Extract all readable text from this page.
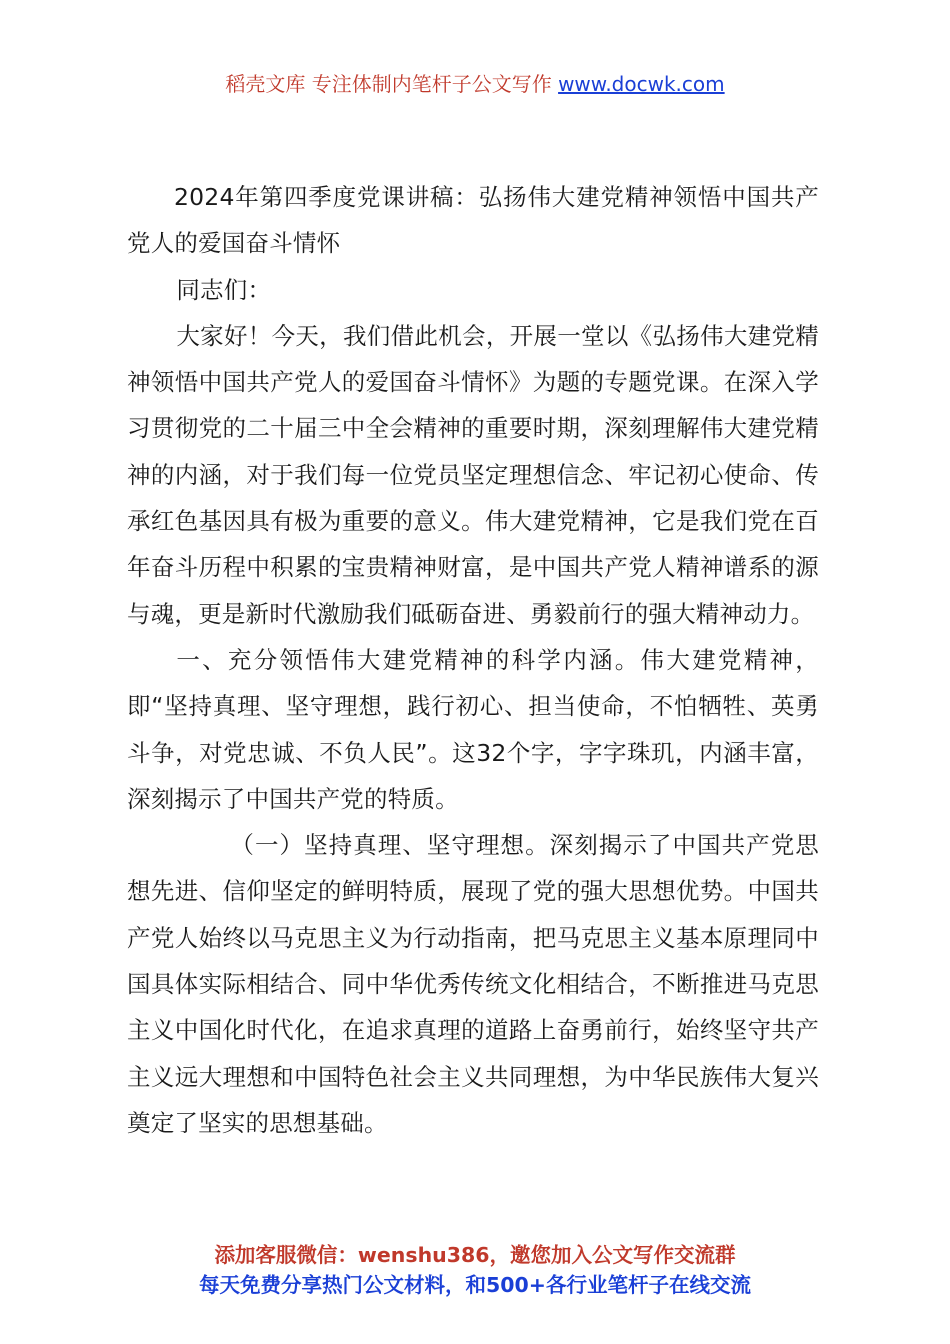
稻壳文库 专注体制内笔杆子公文写作 www.docwk.com

2024年第四季度党课讲稿：弘扬伟大建党精神领悟中国共产党人的爱国奋斗情怀

同志们：

大家好！今天，我们借此机会，开展一堂以《弘扬伟大建党精神领悟中国共产党人的爱国奋斗情怀》为题的专题党课。在深入学习贯彻党的二十届三中全会精神的重要时期，深刻理解伟大建党精神的内涵，对于我们每一位党员坚定理想信念、牢记初心使命、传承红色基因具有极为重要的意义。伟大建党精神，它是我们党在百年奋斗历程中积累的宝贵精神财富，是中国共产党人精神谱系的源与魂，更是新时代激励我们砥砺奋进、勇毅前行的强大精神动力。

一、充分领悟伟大建党精神的科学内涵。伟大建党精神，即“坚持真理、坚守理想，践行初心、担当使命，不怕牺牲、英勇斗争，对党忠诚、不负人民”。这32个字，字字珠玑，内涵丰富，深刻揭示了中国共产党的特质。

（一）坚持真理、坚守理想。深刻揭示了中国共产党思想先进、信仰坚定的鲜明特质，展现了党的强大思想优势。中国共产党人始终以马克思主义为行动指南，把马克思主义基本原理同中国具体实际相结合、同中华优秀传统文化相结合，不断推进马克思主义中国化时代化，在追求真理的道路上奋勇前行，始终坚守共产主义远大理想和中国特色社会主义共同理想，为中华民族伟大复兴奠定了坚实的思想基础。

添加客服微信：wenshu386，邀您加入公文写作交流群
每天免费分享热门公文材料，和500+各行业笔杆子在线交流
